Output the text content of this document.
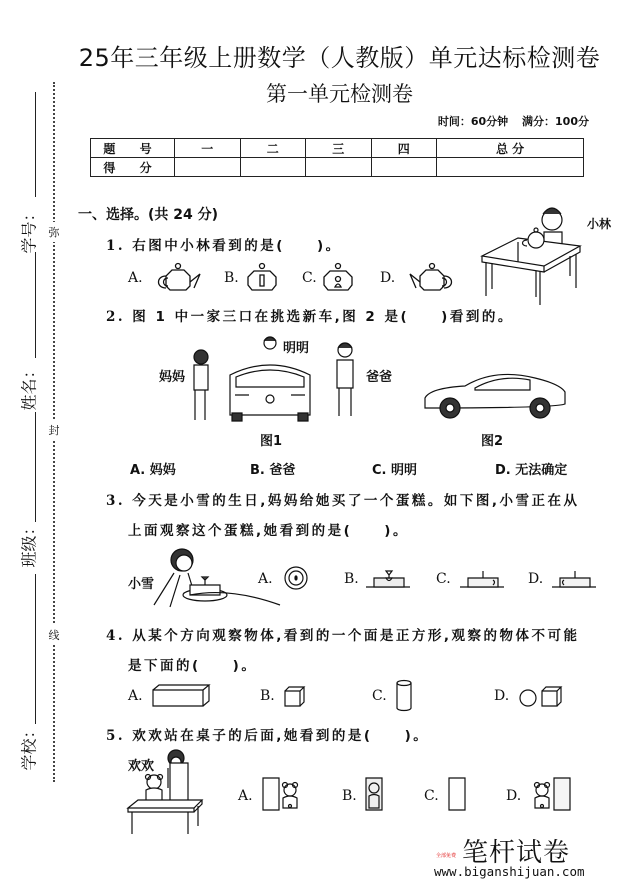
25年三年级上册数学（人教版）单元达标检测卷
第一单元检测卷
时间：60分钟 满分：100分
题 号	一	二	三	四	总 分
得 分					
弥
封
线
学号：
姓名：
班级：
学校：
一、选择。(共 24 分)
1. 右图中小林看到的是(　　)。
A.	B.	C.	D.
小林
2. 图 1 中一家三口在挑选新车,图 2 是(　　)看到的。
妈妈
明明
爸爸
图1	图2
A. 妈妈	B. 爸爸	C. 明明	D. 无法确定
3. 今天是小雪的生日,妈妈给她买了一个蛋糕。如下图,小雪正在从
上面观察这个蛋糕,她看到的是(　　)。
小雪	A.	B.	C.	D.
4. 从某个方向观察物体,看到的一个面是正方形,观察的物体不可能
是下面的(　　)。
A.	B.	C.	D.
5. 欢欢站在桌子的后面,她看到的是(　　)。
欢欢
A.	B.	C.	D.
笔杆试卷
全部免费
www.biganshijuan.com
